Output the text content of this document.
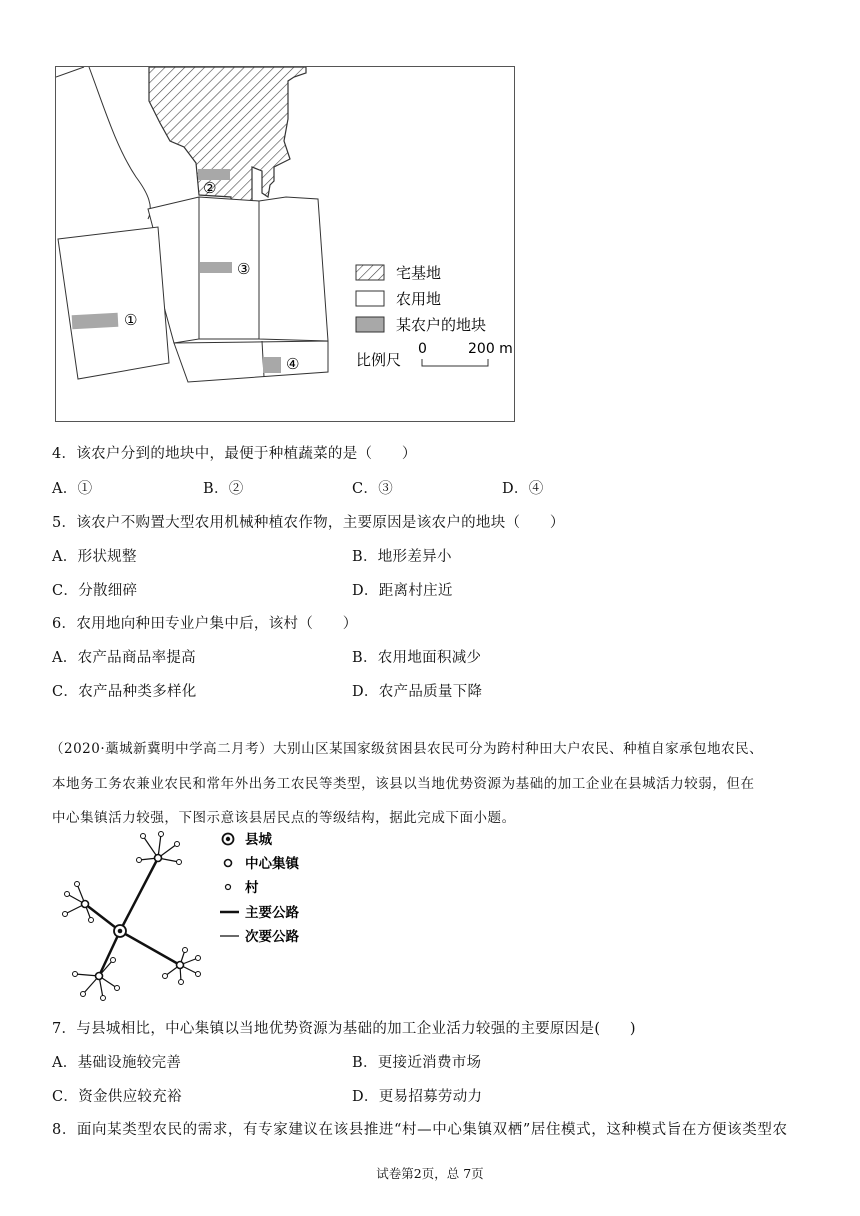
①
②
③
④
宅基地
农用地
某农户的地块
比例尺
0	200 m
4．该农户分到的地块中，最便于种植蔬菜的是（　　）
A．①	B．②	C．③	D．④
5．该农户不购置大型农用机械种植农作物，主要原因是该农户的地块（　　）
A．形状规整	B．地形差异小
C．分散细碎	D．距离村庄近
6．农用地向种田专业户集中后，该村（　　）
A．农产品商品率提高	B．农用地面积减少
C．农产品种类多样化	D．农产品质量下降
（2020·藁城新冀明中学高二月考）大别山区某国家级贫困县农民可分为跨村种田大户农民、种植自家承包地农民、
本地务工务农兼业农民和常年外出务工农民等类型，该县以当地优势资源为基础的加工企业在县城活力较弱，但在
中心集镇活力较强，下图示意该县居民点的等级结构，据此完成下面小题。
县城
中心集镇
村
主要公路
次要公路
7．与县城相比，中心集镇以当地优势资源为基础的加工企业活力较强的主要原因是(　　)
A．基础设施较完善	B．更接近消费市场
C．资金供应较充裕	D．更易招募劳动力
8．面向某类型农民的需求，有专家建议在该县推进“村—中心集镇双栖”居住模式，这种模式旨在方便该类型农
试卷第2页，总 7页
